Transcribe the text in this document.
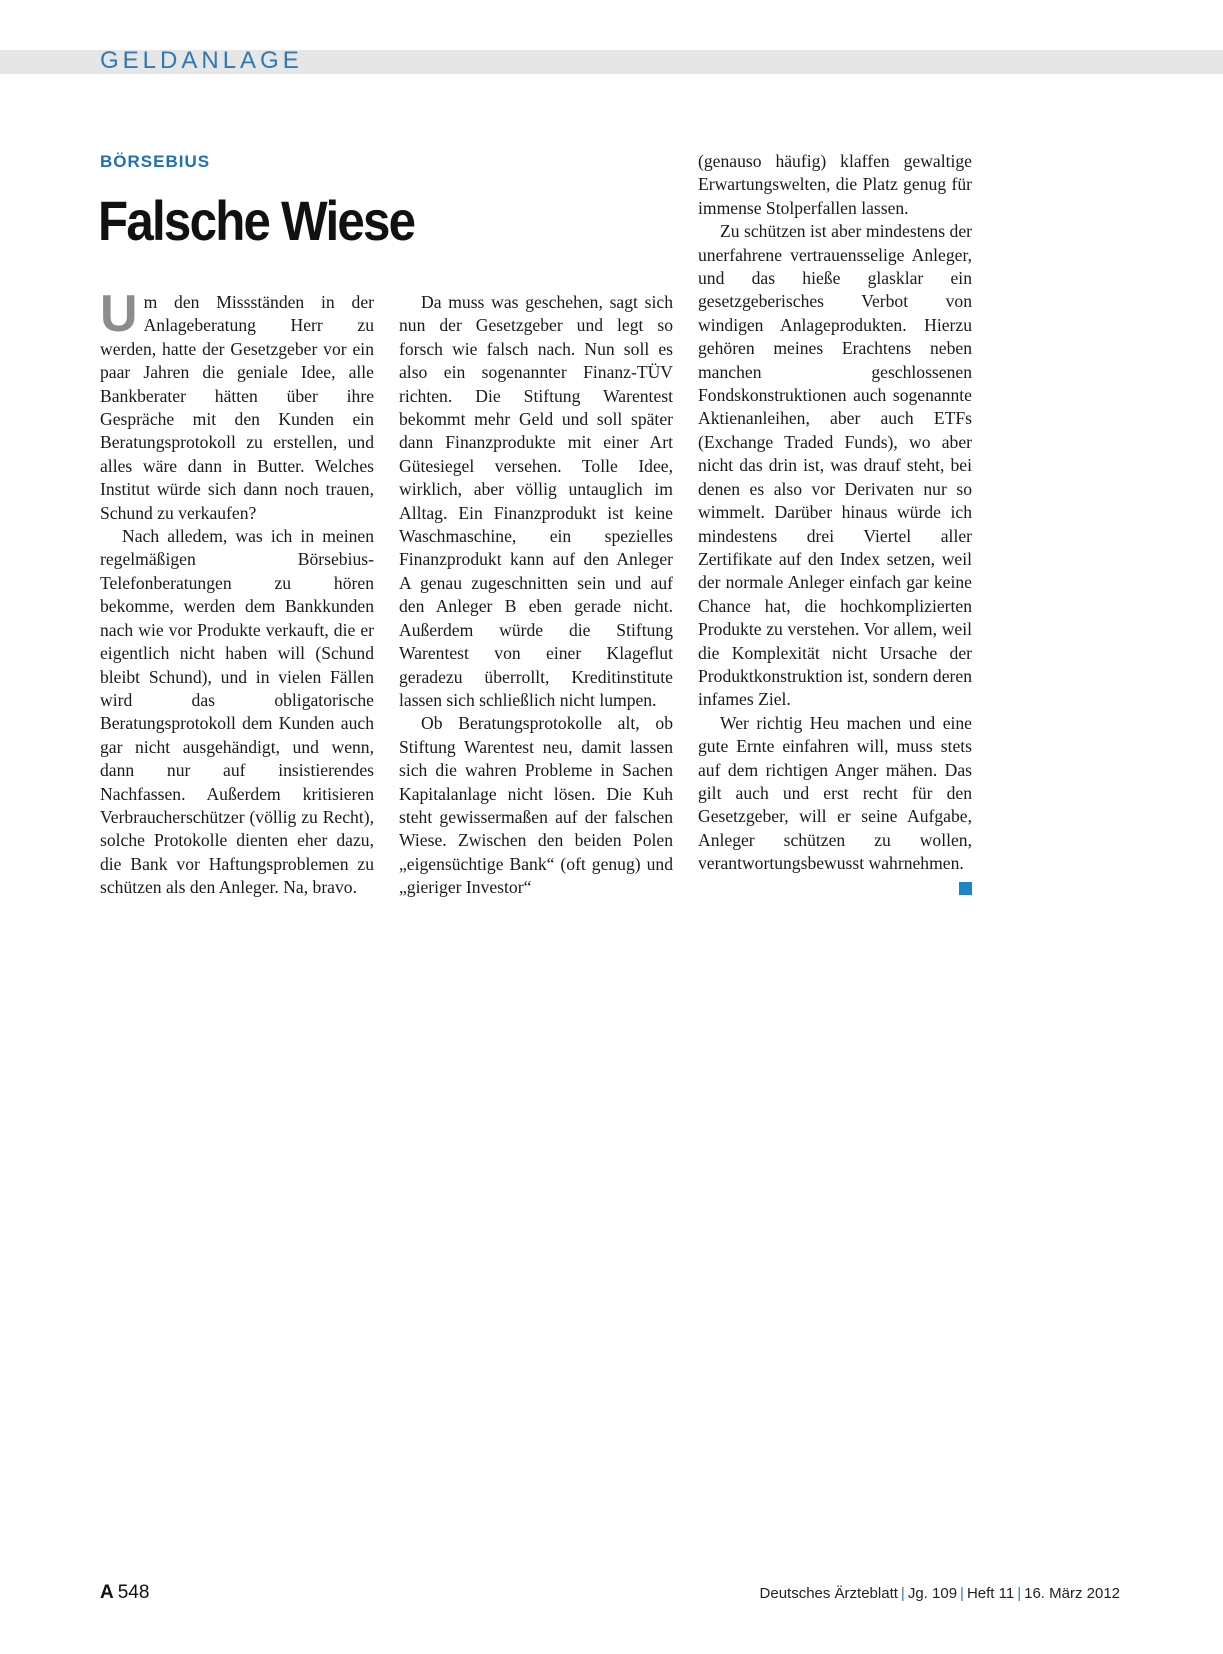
GELDANLAGE
BÖRSEBIUS
Falsche Wiese

Um den Missständen in der Anlageberatung Herr zu werden, hatte der Gesetzgeber vor ein paar Jahren die geniale Idee, alle Bankberater hätten über ihre Gespräche mit den Kunden ein Beratungsprotokoll zu erstellen, und alles wäre dann in Butter. Welches Institut würde sich dann noch trauen, Schund zu verkaufen?

Nach alledem, was ich in meinen regelmäßigen Börsebius-Telefonberatungen zu hören bekomme, werden dem Bankkunden nach wie vor Produkte verkauft, die er eigentlich nicht haben will (Schund bleibt Schund), und in vielen Fällen wird das obligatorische Beratungsprotokoll dem Kunden auch gar nicht ausgehändigt, und wenn, dann nur auf insistierendes Nachfassen. Außerdem kritisieren Verbraucherschützer (völlig zu Recht), solche Protokolle dienten eher dazu, die Bank vor Haftungsproblemen zu schützen als den Anleger. Na, bravo.

Da muss was geschehen, sagt sich nun der Gesetzgeber und legt so forsch wie falsch nach. Nun soll es also ein sogenannter Finanz-TÜV richten. Die Stiftung Warentest bekommt mehr Geld und soll später dann Finanzprodukte mit einer Art Gütesiegel versehen. Tolle Idee, wirklich, aber völlig untauglich im Alltag. Ein Finanzprodukt ist keine Waschmaschine, ein spezielles Finanzprodukt kann auf den Anleger A genau zugeschnitten sein und auf den Anleger B eben gerade nicht. Außerdem würde die Stiftung Warentest von einer Klageflut geradezu überrollt, Kreditinstitute lassen sich schließlich nicht lumpen.

Ob Beratungsprotokolle alt, ob Stiftung Warentest neu, damit lassen sich die wahren Probleme in Sachen Kapitalanlage nicht lösen. Die Kuh steht gewissermaßen auf der falschen Wiese. Zwischen den beiden Polen „eigensüchtige Bank“ (oft genug) und „gieriger Investor“

(genauso häufig) klaffen gewaltige Erwartungswelten, die Platz genug für immense Stolperfallen lassen.

Zu schützen ist aber mindestens der unerfahrene vertrauensselige Anleger, und das hieße glasklar ein gesetzgeberisches Verbot von windigen Anlageprodukten. Hierzu gehören meines Erachtens neben manchen geschlossenen Fondskonstruktionen auch sogenannte Aktienanleihen, aber auch ETFs (Exchange Traded Funds), wo aber nicht das drin ist, was drauf steht, bei denen es also vor Derivaten nur so wimmelt. Darüber hinaus würde ich mindestens drei Viertel aller Zertifikate auf den Index setzen, weil der normale Anleger einfach gar keine Chance hat, die hochkomplizierten Produkte zu verstehen. Vor allem, weil die Komplexität nicht Ursache der Produktkonstruktion ist, sondern deren infames Ziel.

Wer richtig Heu machen und eine gute Ernte einfahren will, muss stets auf dem richtigen Anger mähen. Das gilt auch und erst recht für den Gesetzgeber, will er seine Aufgabe, Anleger schützen zu wollen, verantwortungsbewusst wahrnehmen.

A 548	Deutsches Ärzteblatt | Jg. 109 | Heft 11 | 16. März 2012
